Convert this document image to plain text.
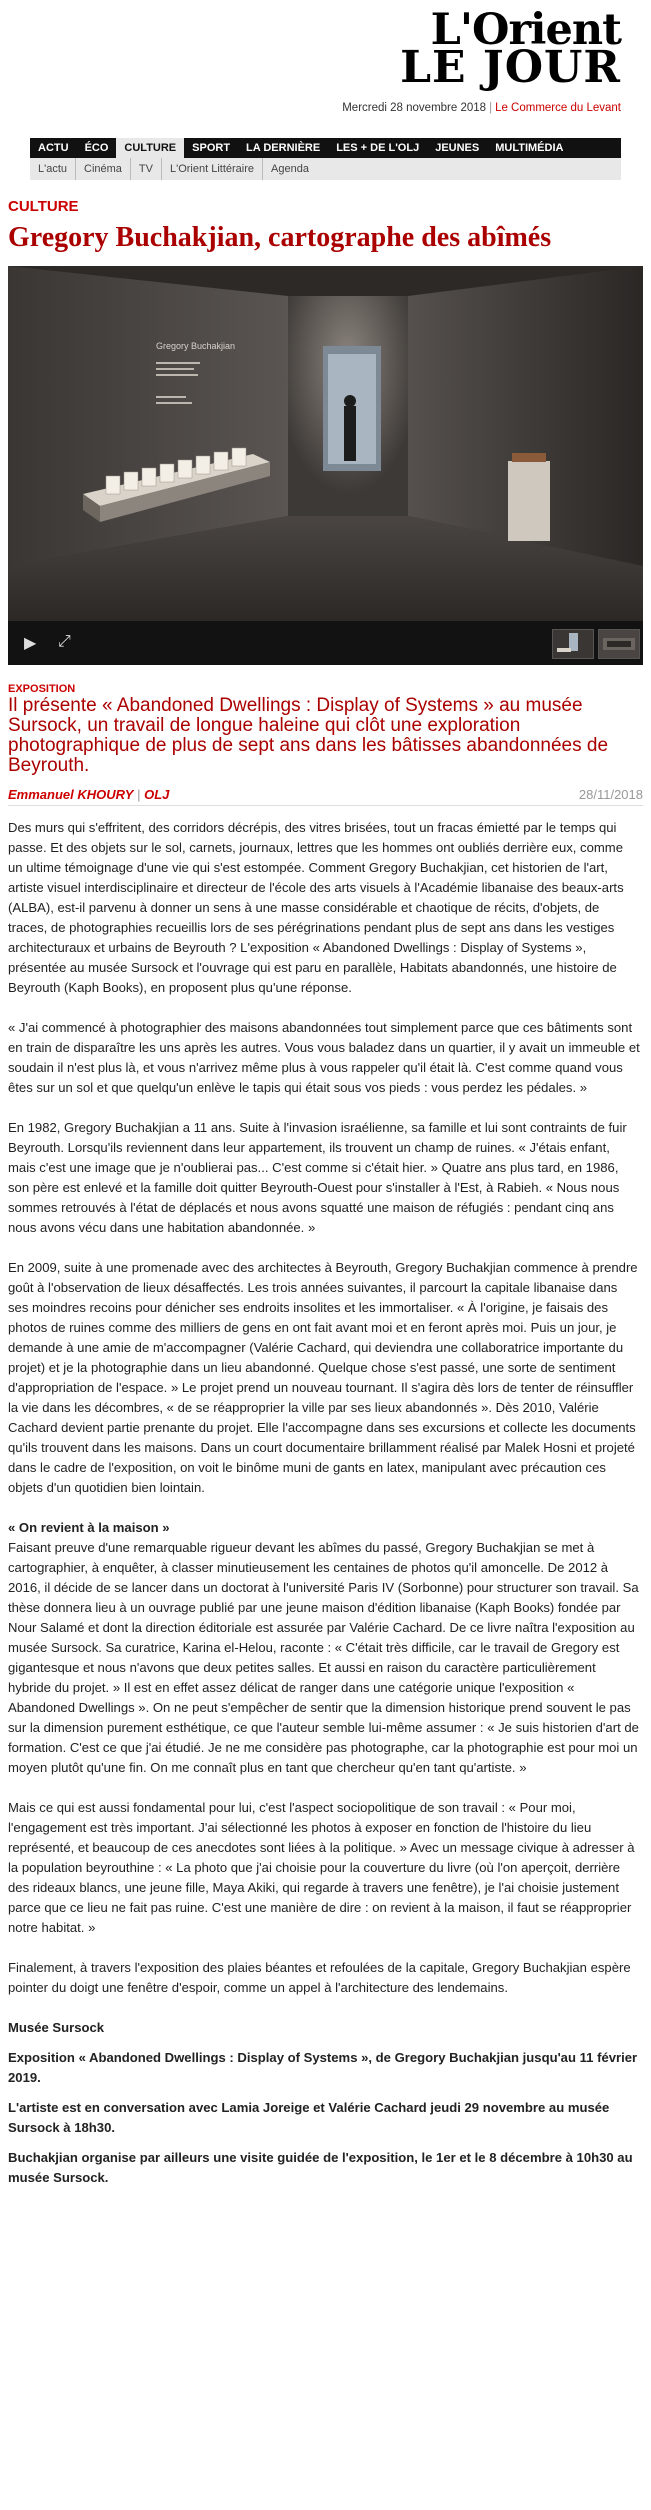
L'Orient
LE JOUR
Mercredi 28 novembre 2018 | Le Commerce du Levant
ACTU	ÉCO	CULTURE	SPORT	LA DERNIÈRE	LES + DE L'OLJ	JEUNES	MULTIMÉDIA
L'actu	Cinéma	TV	L'Orient Littéraire	Agenda
CULTURE
Gregory Buchakjian, cartographe des abîmés
Gregory Buchakjian
▶ ⤢
EXPOSITION
Il présente « Abandoned Dwellings : Display of Systems » au musée Sursock, un travail de longue haleine qui clôt une exploration photographique de plus de sept ans dans les bâtisses abandonnées de Beyrouth.
Emmanuel KHOURY | OLJ	28/11/2018

Des murs qui s'effritent, des corridors décrépis, des vitres brisées, tout un fracas émietté par le temps qui passe. Et des objets sur le sol, carnets, journaux, lettres que les hommes ont oubliés derrière eux, comme un ultime témoignage d'une vie qui s'est estompée. Comment Gregory Buchakjian, cet historien de l'art, artiste visuel interdisciplinaire et directeur de l'école des arts visuels à l'Académie libanaise des beaux-arts (ALBA), est-il parvenu à donner un sens à une masse considérable et chaotique de récits, d'objets, de traces, de photographies recueillis lors de ses pérégrinations pendant plus de sept ans dans les vestiges architecturaux et urbains de Beyrouth ? L'exposition « Abandoned Dwellings : Display of Systems », présentée au musée Sursock et l'ouvrage qui est paru en parallèle, Habitats abandonnés, une histoire de Beyrouth (Kaph Books), en proposent plus qu'une réponse.

« J'ai commencé à photographier des maisons abandonnées tout simplement parce que ces bâtiments sont en train de disparaître les uns après les autres. Vous vous baladez dans un quartier, il y avait un immeuble et soudain il n'est plus là, et vous n'arrivez même plus à vous rappeler qu'il était là. C'est comme quand vous êtes sur un sol et que quelqu'un enlève le tapis qui était sous vos pieds : vous perdez les pédales. »

En 1982, Gregory Buchakjian a 11 ans. Suite à l'invasion israélienne, sa famille et lui sont contraints de fuir Beyrouth. Lorsqu'ils reviennent dans leur appartement, ils trouvent un champ de ruines. « J'étais enfant, mais c'est une image que je n'oublierai pas... C'est comme si c'était hier. » Quatre ans plus tard, en 1986, son père est enlevé et la famille doit quitter Beyrouth-Ouest pour s'installer à l'Est, à Rabieh. « Nous nous sommes retrouvés à l'état de déplacés et nous avons squatté une maison de réfugiés : pendant cinq ans nous avons vécu dans une habitation abandonnée. »

En 2009, suite à une promenade avec des architectes à Beyrouth, Gregory Buchakjian commence à prendre goût à l'observation de lieux désaffectés. Les trois années suivantes, il parcourt la capitale libanaise dans ses moindres recoins pour dénicher ses endroits insolites et les immortaliser. « À l'origine, je faisais des photos de ruines comme des milliers de gens en ont fait avant moi et en feront après moi. Puis un jour, je demande à une amie de m'accompagner (Valérie Cachard, qui deviendra une collaboratrice importante du projet) et je la photographie dans un lieu abandonné. Quelque chose s'est passé, une sorte de sentiment d'appropriation de l'espace. » Le projet prend un nouveau tournant. Il s'agira dès lors de tenter de réinsuffler la vie dans les décombres, « de se réapproprier la ville par ses lieux abandonnés ». Dès 2010, Valérie Cachard devient partie prenante du projet. Elle l'accompagne dans ses excursions et collecte les documents qu'ils trouvent dans les maisons. Dans un court documentaire brillamment réalisé par Malek Hosni et projeté dans le cadre de l'exposition, on voit le binôme muni de gants en latex, manipulant avec précaution ces objets d'un quotidien bien lointain.

« On revient à la maison »

Faisant preuve d'une remarquable rigueur devant les abîmes du passé, Gregory Buchakjian se met à cartographier, à enquêter, à classer minutieusement les centaines de photos qu'il amoncelle. De 2012 à 2016, il décide de se lancer dans un doctorat à l'université Paris IV (Sorbonne) pour structurer son travail. Sa thèse donnera lieu à un ouvrage publié par une jeune maison d'édition libanaise (Kaph Books) fondée par Nour Salamé et dont la direction éditoriale est assurée par Valérie Cachard. De ce livre naîtra l'exposition au musée Sursock. Sa curatrice, Karina el-Helou, raconte : « C'était très difficile, car le travail de Gregory est gigantesque et nous n'avons que deux petites salles. Et aussi en raison du caractère particulièrement hybride du projet. » Il est en effet assez délicat de ranger dans une catégorie unique l'exposition « Abandoned Dwellings ». On ne peut s'empêcher de sentir que la dimension historique prend souvent le pas sur la dimension purement esthétique, ce que l'auteur semble lui-même assumer : « Je suis historien d'art de formation. C'est ce que j'ai étudié. Je ne me considère pas photographe, car la photographie est pour moi un moyen plutôt qu'une fin. On me connaît plus en tant que chercheur qu'en tant qu'artiste. »

Mais ce qui est aussi fondamental pour lui, c'est l'aspect sociopolitique de son travail : « Pour moi, l'engagement est très important. J'ai sélectionné les photos à exposer en fonction de l'histoire du lieu représenté, et beaucoup de ces anecdotes sont liées à la politique. » Avec un message civique à adresser à la population beyrouthine : « La photo que j'ai choisie pour la couverture du livre (où l'on aperçoit, derrière des rideaux blancs, une jeune fille, Maya Akiki, qui regarde à travers une fenêtre), je l'ai choisie justement parce que ce lieu ne fait pas ruine. C'est une manière de dire : on revient à la maison, il faut se réapproprier notre habitat. »

Finalement, à travers l'exposition des plaies béantes et refoulées de la capitale, Gregory Buchakjian espère pointer du doigt une fenêtre d'espoir, comme un appel à l'architecture des lendemains.

Musée Sursock

Exposition « Abandoned Dwellings : Display of Systems », de Gregory Buchakjian jusqu'au 11 février 2019.

L'artiste est en conversation avec Lamia Joreige et Valérie Cachard jeudi 29 novembre au musée Sursock à 18h30.

Buchakjian organise par ailleurs une visite guidée de l'exposition, le 1er et le 8 décembre à 10h30 au musée Sursock.
